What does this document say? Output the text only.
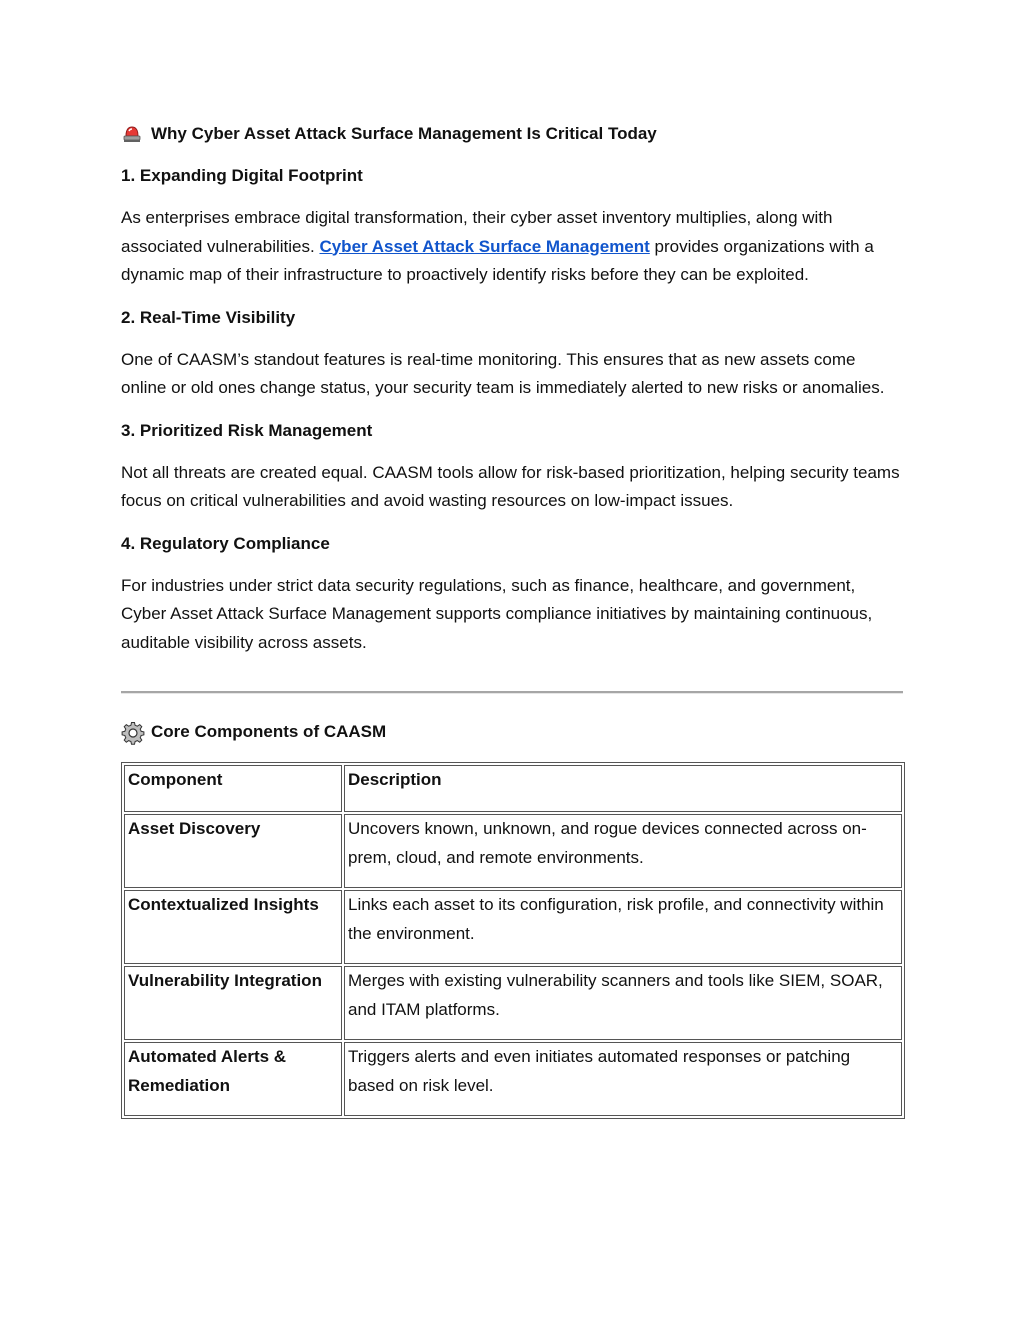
Why Cyber Asset Attack Surface Management Is Critical Today
1. Expanding Digital Footprint

As enterprises embrace digital transformation, their cyber asset inventory multiplies, along with associated vulnerabilities. Cyber Asset Attack Surface Management provides organizations with a dynamic map of their infrastructure to proactively identify risks before they can be exploited.

2. Real-Time Visibility

One of CAASM’s standout features is real-time monitoring. This ensures that as new assets come online or old ones change status, your security team is immediately alerted to new risks or anomalies.

3. Prioritized Risk Management

Not all threats are created equal. CAASM tools allow for risk-based prioritization, helping security teams focus on critical vulnerabilities and avoid wasting resources on low-impact issues.

4. Regulatory Compliance

For industries under strict data security regulations, such as finance, healthcare, and government, Cyber Asset Attack Surface Management supports compliance initiatives by maintaining continuous, auditable visibility across assets.

Core Components of CAASM
Component	Description
Asset Discovery	Uncovers known, unknown, and rogue devices connected across on-prem, cloud, and remote environments.
Contextualized Insights	Links each asset to its configuration, risk profile, and connectivity within the environment.
Vulnerability Integration	Merges with existing vulnerability scanners and tools like SIEM, SOAR, and ITAM platforms.
Automated Alerts & Remediation	Triggers alerts and even initiates automated responses or patching based on risk level.
